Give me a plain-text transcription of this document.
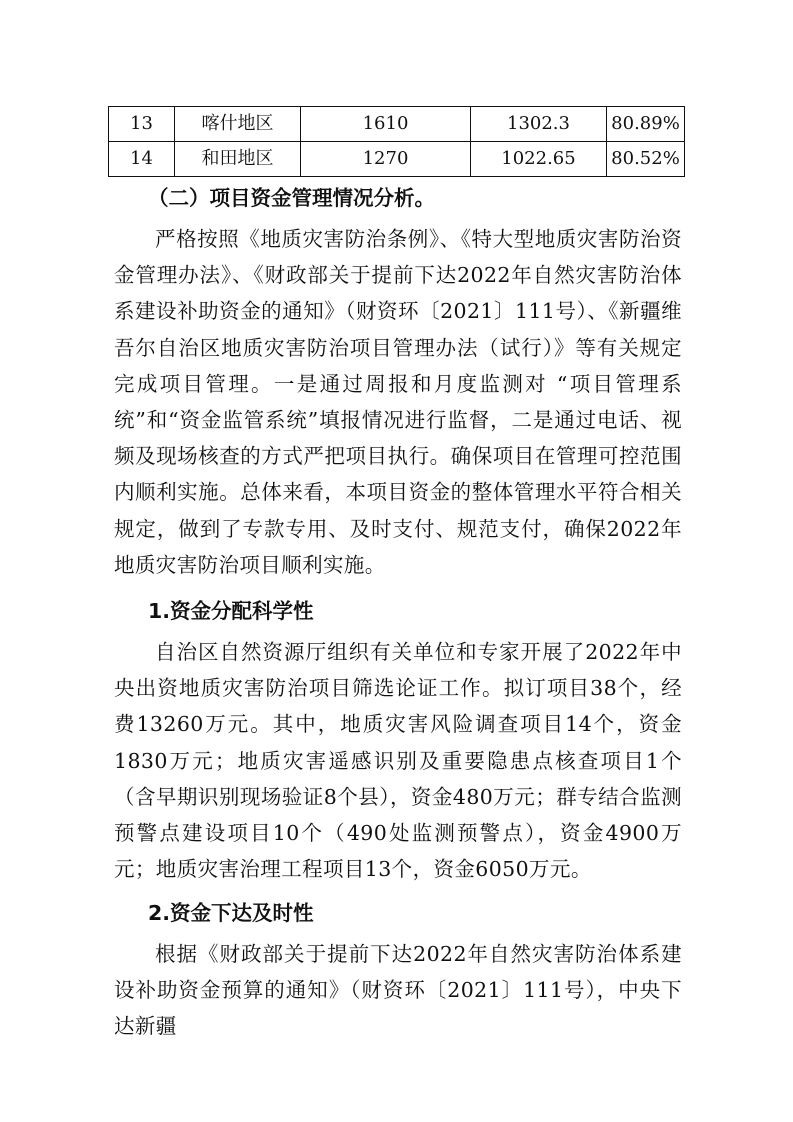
13	喀什地区	1610	1302.3	80.89%
14	和田地区	1270	1022.65	80.52%
（二）项目资金管理情况分析。

严格按照《地质灾害防治条例》、《特大型地质灾害防治资金管理办法》、《财政部关于提前下达2022年自然灾害防治体系建设补助资金的通知》（财资环〔2021〕111号）、《新疆维吾尔自治区地质灾害防治项目管理办法（试行）》等有关规定完成项目管理。一是通过周报和月度监测对 “项目管理系统”和“资金监管系统”填报情况进行监督，二是通过电话、视频及现场核查的方式严把项目执行。确保项目在管理可控范围内顺利实施。总体来看，本项目资金的整体管理水平符合相关规定，做到了专款专用、及时支付、规范支付，确保2022年地质灾害防治项目顺利实施。

1.资金分配科学性

自治区自然资源厅组织有关单位和专家开展了2022年中央出资地质灾害防治项目筛选论证工作。拟订项目38个，经费13260万元。其中，地质灾害风险调查项目14个，资金1830万元；地质灾害遥感识别及重要隐患点核查项目1个（含早期识别现场验证8个县），资金480万元；群专结合监测预警点建设项目10个（490处监测预警点），资金4900万元；地质灾害治理工程项目13个，资金6050万元。

2.资金下达及时性

根据《财政部关于提前下达2022年自然灾害防治体系建设补助资金预算的通知》（财资环〔2021〕111号），中央下达新疆
